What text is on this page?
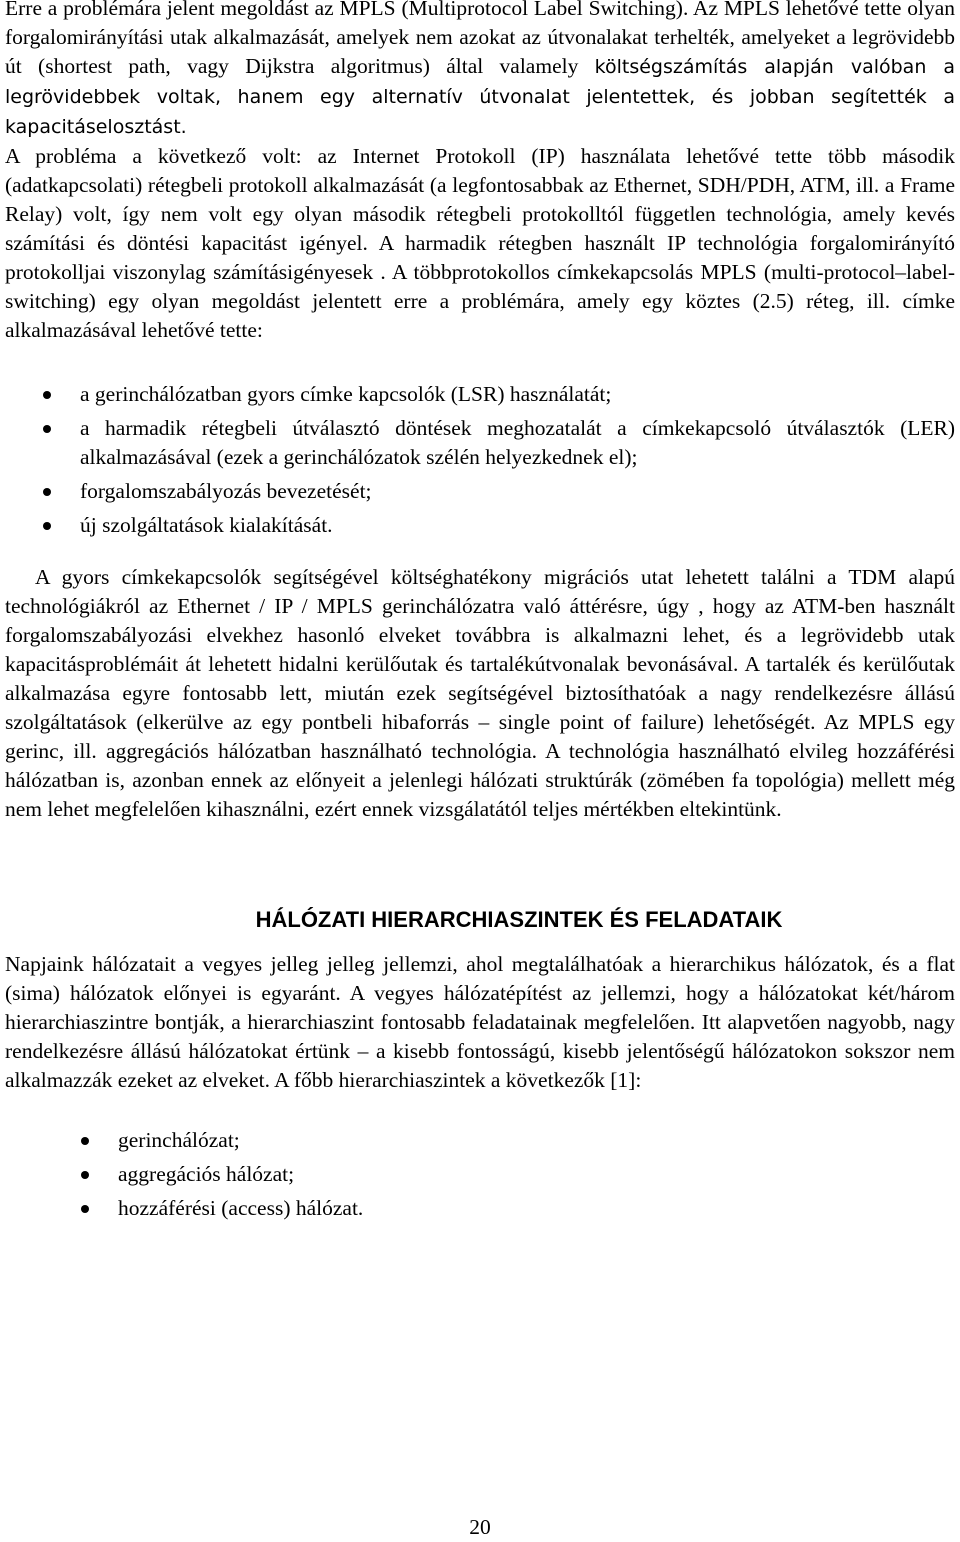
Erre a problémára jelent megoldást az MPLS (Multiprotocol Label Switching). Az MPLS lehetővé tette olyan forgalomirányítási utak alkalmazását, amelyek nem azokat az útvonalakat terhelték, amelyeket a legrövidebb út (shortest path, vagy Dijkstra algoritmus) által valamely költségszámítás alapján valóban a legrövidebbek voltak, hanem egy alternatív útvonalat jelentettek, és jobban segítették a kapacitáselosztást.

A probléma a következő volt: az Internet Protokoll (IP) használata lehetővé tette több második (adatkapcsolati) rétegbeli protokoll alkalmazását (a legfontosabbak az Ethernet, SDH/PDH, ATM, ill. a Frame Relay) volt, így nem volt egy olyan második rétegbeli protokolltól független technológia, amely kevés számítási és döntési kapacitást igényel. A harmadik rétegben használt IP technológia forgalomirányító protokolljai viszonylag számításigényesek . A többprotokollos címkekapcsolás MPLS (multi-protocol–label-switching) egy olyan megoldást jelentett erre a problémára, amely egy köztes (2.5) réteg, ill. címke alkalmazásával lehetővé tette:

a gerinchálózatban gyors címke kapcsolók (LSR) használatát;
a harmadik rétegbeli útválasztó döntések meghozatalát a címkekapcsoló útválasztók (LER) alkalmazásával (ezek a gerinchálózatok szélén helyezkednek el);
forgalomszabályozás bevezetését;
új szolgáltatások kialakítását.

A gyors címkekapcsolók segítségével költséghatékony migrációs utat lehetett találni a TDM alapú technológiákról az Ethernet / IP / MPLS gerinchálózatra való áttérésre, úgy , hogy az ATM-ben használt forgalomszabályozási elvekhez hasonló elveket továbbra is alkalmazni lehet, és a legrövidebb utak kapacitásproblémáit át lehetett hidalni kerülőutak és tartalékútvonalak bevonásával. A tartalék és kerülőutak alkalmazása egyre fontosabb lett, miután ezek segítségével biztosíthatóak a nagy rendelkezésre állású szolgáltatások (elkerülve az egy pontbeli hibaforrás – single point of failure) lehetőségét. Az MPLS egy gerinc, ill. aggregációs hálózatban használható technológia. A technológia használható elvileg hozzáférési hálózatban is, azonban ennek az előnyeit a jelenlegi hálózati struktúrák (zömében fa topológia) mellett még nem lehet megfelelően kihasználni, ezért ennek vizsgálatától teljes mértékben eltekintünk.

HÁLÓZATI HIERARCHIASZINTEK ÉS FELADATAIK

Napjaink hálózatait a vegyes jelleg jelleg jellemzi, ahol megtalálhatóak a hierarchikus hálózatok, és a flat (sima) hálózatok előnyei is egyaránt. A vegyes hálózatépítést az jellemzi, hogy a hálózatokat két/három hierarchiaszintre bontják, a hierarchiaszint fontosabb feladatainak megfelelően. Itt alapvetően nagyobb, nagy rendelkezésre állású hálózatokat értünk – a kisebb fontosságú, kisebb jelentőségű hálózatokon sokszor nem alkalmazzák ezeket az elveket. A főbb hierarchiaszintek a következők [1]:

gerinchálózat;
aggregációs hálózat;
hozzáférési (access) hálózat.
20
